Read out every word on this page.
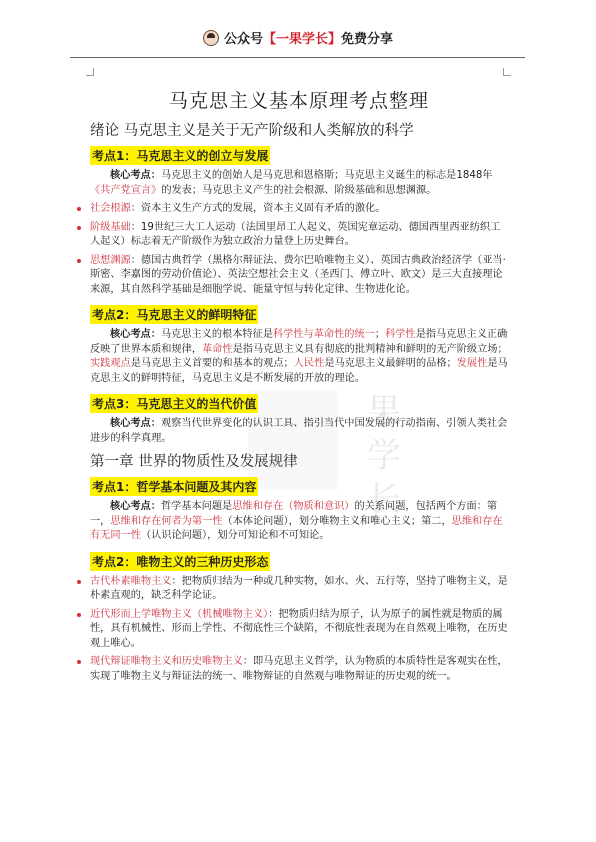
公众号【一果学长】免费分享
果
学
长
马克思主义基本原理考点整理
绪论 马克思主义是关于无产阶级和人类解放的科学
考点1：马克思主义的创立与发展

核心考点：马克思主义的创始人是马克思和恩格斯；马克思主义诞生的标志是1848年《共产党宣言》的发表；马克思主义产生的社会根源、阶级基础和思想渊源。

社会根源：资本主义生产方式的发展，资本主义固有矛盾的激化。
阶级基础：19世纪三大工人运动（法国里昂工人起义、英国宪章运动、德国西里西亚纺织工人起义）标志着无产阶级作为独立政治力量登上历史舞台。
思想渊源：德国古典哲学（黑格尔辩证法、费尔巴哈唯物主义）、英国古典政治经济学（亚当·斯密、李嘉图的劳动价值论）、英法空想社会主义（圣西门、傅立叶、欧文）是三大直接理论来源，其自然科学基础是细胞学说、能量守恒与转化定律、生物进化论。
考点2：马克思主义的鲜明特征

核心考点：马克思主义的根本特征是科学性与革命性的统一；科学性是指马克思主义正确反映了世界本质和规律，革命性是指马克思主义具有彻底的批判精神和鲜明的无产阶级立场；实践观点是马克思主义首要的和基本的观点；人民性是马克思主义最鲜明的品格；发展性是马克思主义的鲜明特征，马克思主义是不断发展的开放的理论。

考点3：马克思主义的当代价值

核心考点：观察当代世界变化的认识工具、指引当代中国发展的行动指南、引领人类社会进步的科学真理。

第一章 世界的物质性及发展规律
考点1：哲学基本问题及其内容

核心考点：哲学基本问题是思维和存在（物质和意识）的关系问题，包括两个方面：第一，思维和存在何者为第一性（本体论问题），划分唯物主义和唯心主义；第二，思维和存在有无同一性（认识论问题），划分可知论和不可知论。

考点2：唯物主义的三种历史形态
古代朴素唯物主义：把物质归结为一种或几种实物，如水、火、五行等，坚持了唯物主义，是朴素直观的，缺乏科学论证。
近代形而上学唯物主义（机械唯物主义）：把物质归结为原子，认为原子的属性就是物质的属性，具有机械性、形而上学性、不彻底性三个缺陷，不彻底性表现为在自然观上唯物，在历史观上唯心。
现代辩证唯物主义和历史唯物主义：即马克思主义哲学，认为物质的本质特性是客观实在性，实现了唯物主义与辩证法的统一、唯物辩证的自然观与唯物辩证的历史观的统一。
